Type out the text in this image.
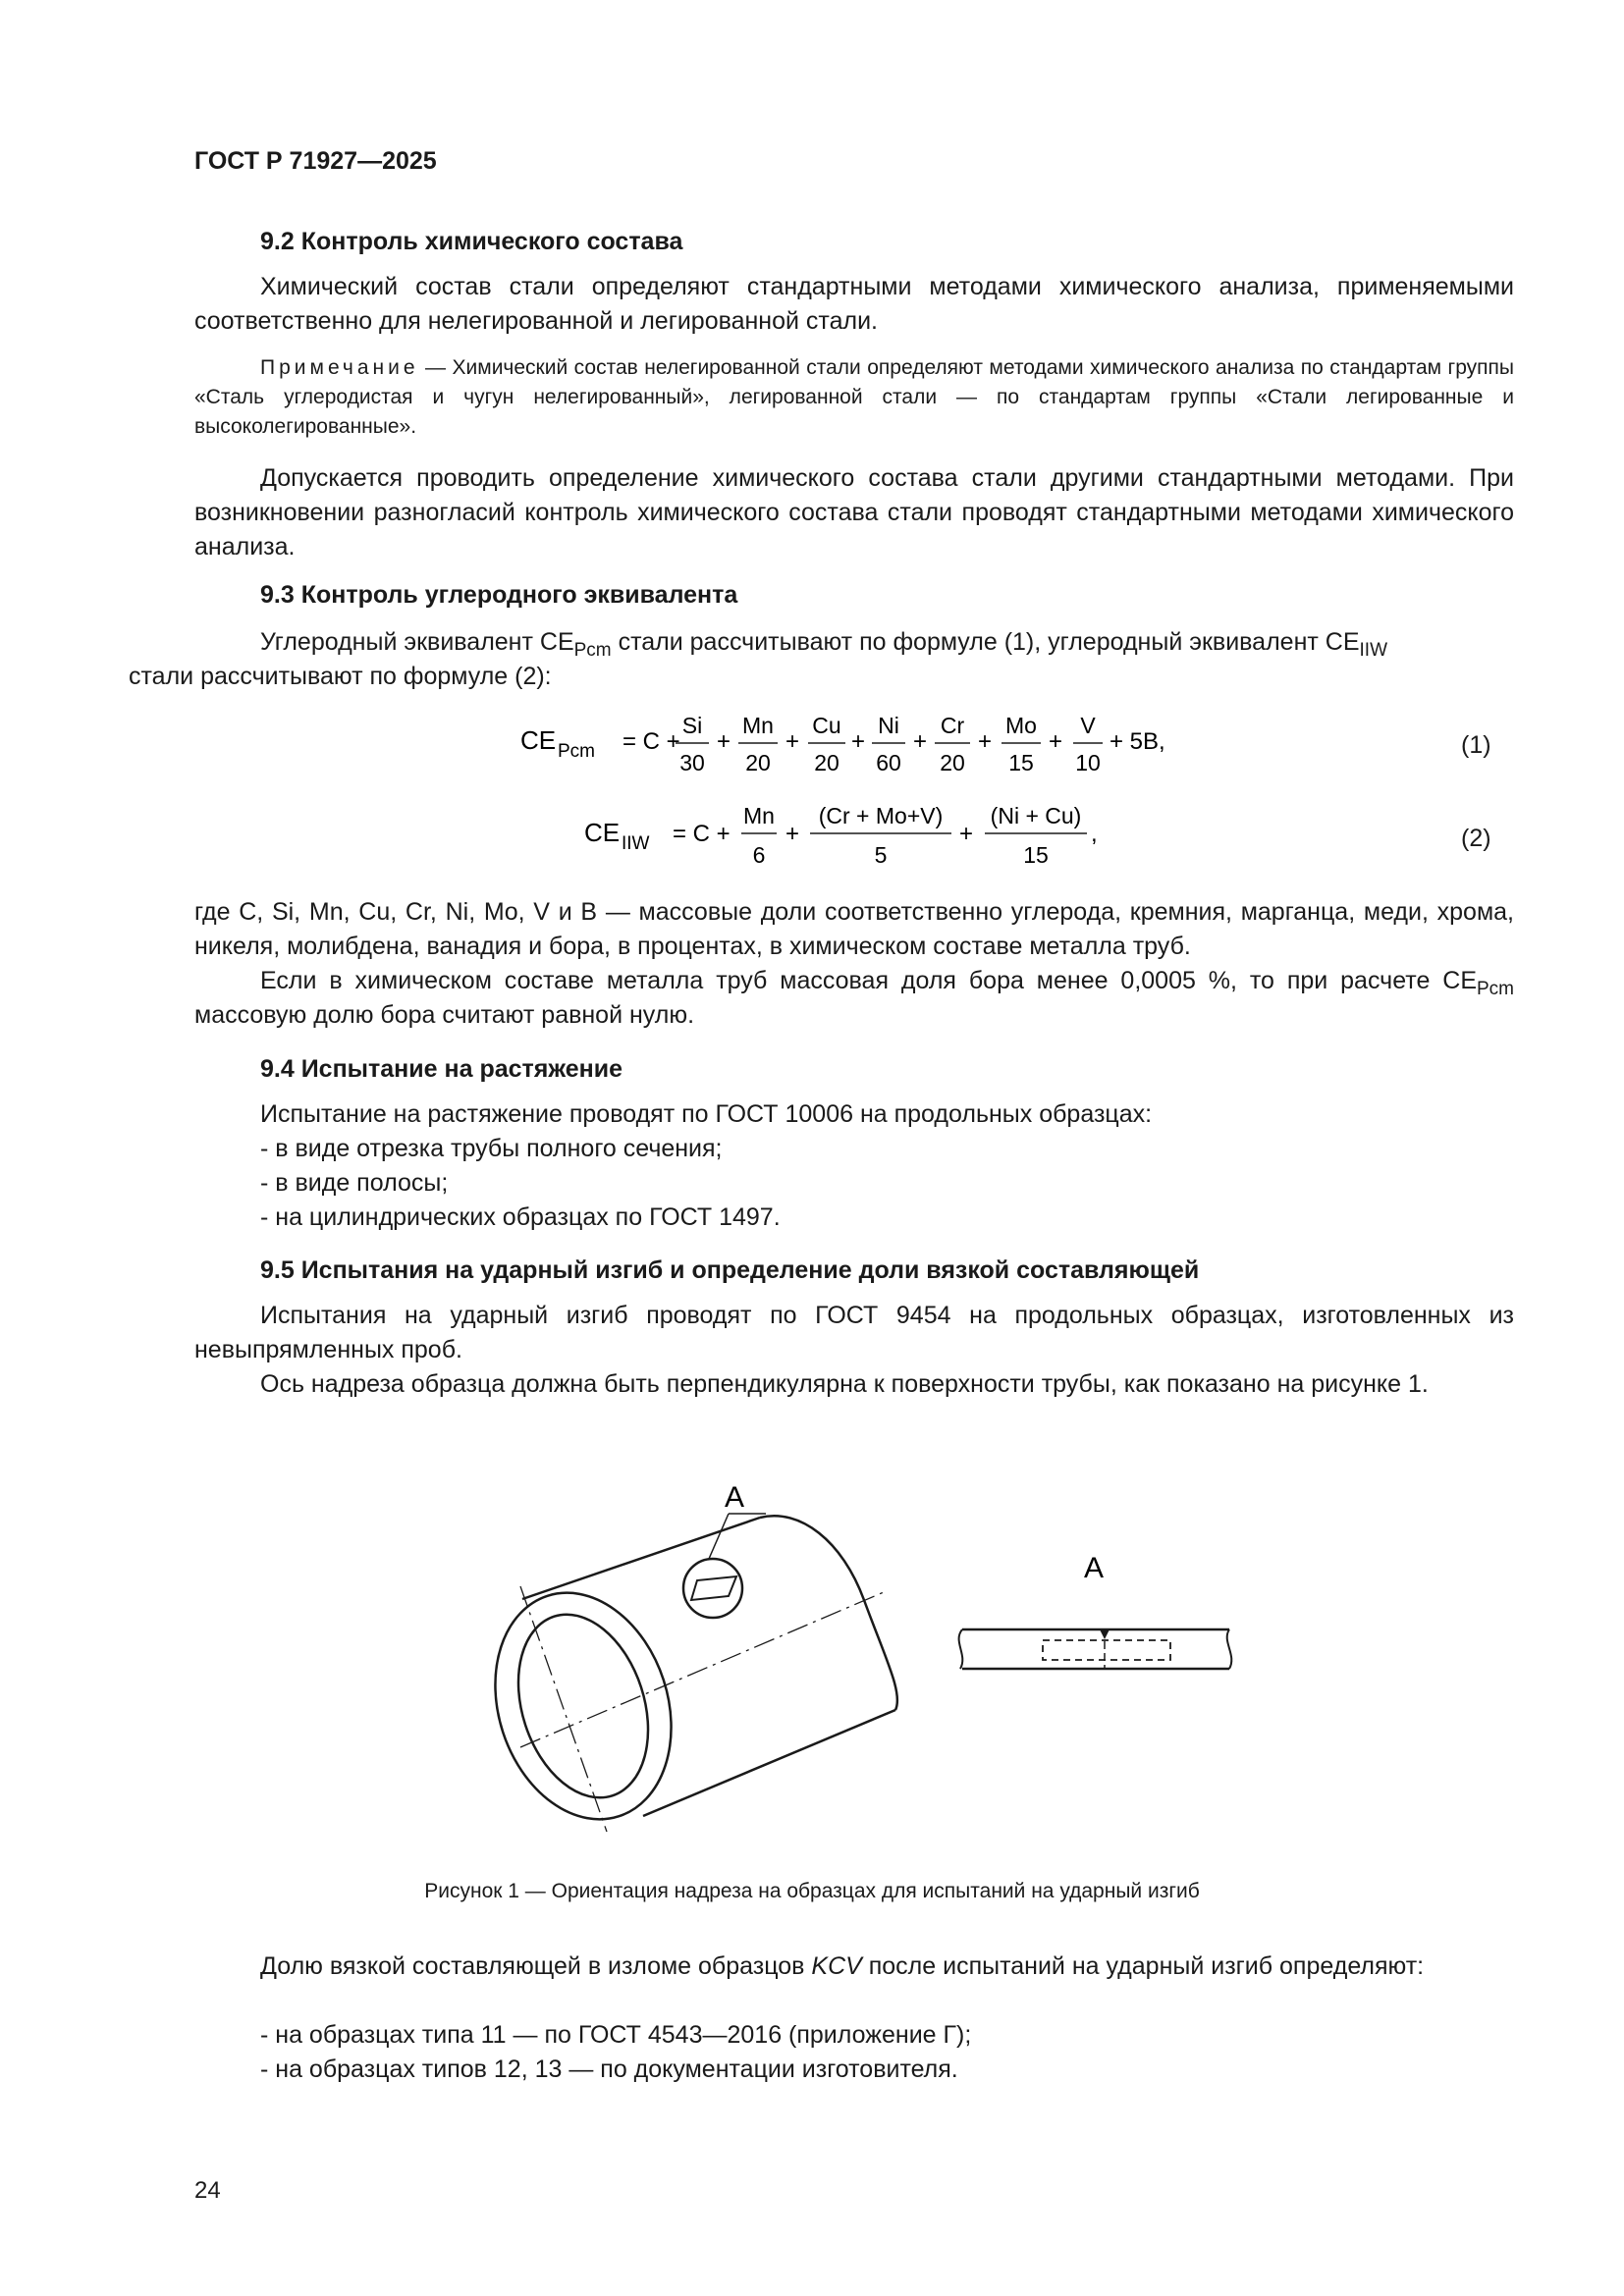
ГОСТ Р 71927—2025
9.2 Контроль химического состава

Химический состав стали определяют стандартными методами химического анализа, применяемыми соответственно для нелегированной и легированной стали.

Примечание — Химический состав нелегированной стали определяют методами химического анализа по стандартам группы «Сталь углеродистая и чугун нелегированный», легированной стали — по стандартам группы «Стали легированные и высоколегированные».

Допускается проводить определение химического состава стали другими стандартными методами. При возникновении разногласий контроль химического состава стали проводят стандартными методами химического анализа.

9.3 Контроль углеродного эквивалента

Углеродный эквивалент $CE_{Pcm}$ стали рассчитывают по формуле (1), углеродный эквивалент $CE_{IIW}$
стали рассчитывают по формуле (2):

CE Pcm = C +
Si
30
+
Mn
20
+
Cu
20
+
Ni
60
+
Cr
20
+
Mo
15
+
V
10
+ 5B,	(1)
CE IIW = C +
Mn
6
+
(Cr + Mo+V)
5
+
(Ni + Cu)
15
,	(2)

где C, Si, Mn, Cu, Cr, Ni, Mo, V и B — массовые доли соответственно углерода, кремния, марганца, меди, хрома, никеля, молибдена, ванадия и бора, в процентах, в химическом составе металла труб.

Если в химическом составе металла труб массовая доля бора менее 0,0005 %, то при расчете $CE_{Pcm}$ массовую долю бора считают равной нулю.

9.4 Испытание на растяжение
Испытание на растяжение проводят по ГОСТ 10006 на продольных образцах:
- в виде отрезка трубы полного сечения;
- в виде полосы;
- на цилиндрических образцах по ГОСТ 1497.
9.5 Испытания на ударный изгиб и определение доли вязкой составляющей

Испытания на ударный изгиб проводят по ГОСТ 9454 на продольных образцах, изготовленных из невыпрямленных проб.

Ось надреза образца должна быть перпендикулярна к поверхности трубы, как показано на рисунке 1.

А
А
Рисунок 1 — Ориентация надреза на образцах для испытаний на ударный изгиб

Долю вязкой составляющей в изломе образцов KCV после испытаний на ударный изгиб определяют:

- на образцах типа 11 — по ГОСТ 4543—2016 (приложение Г);
- на образцах типов 12, 13 — по документации изготовителя.
24
